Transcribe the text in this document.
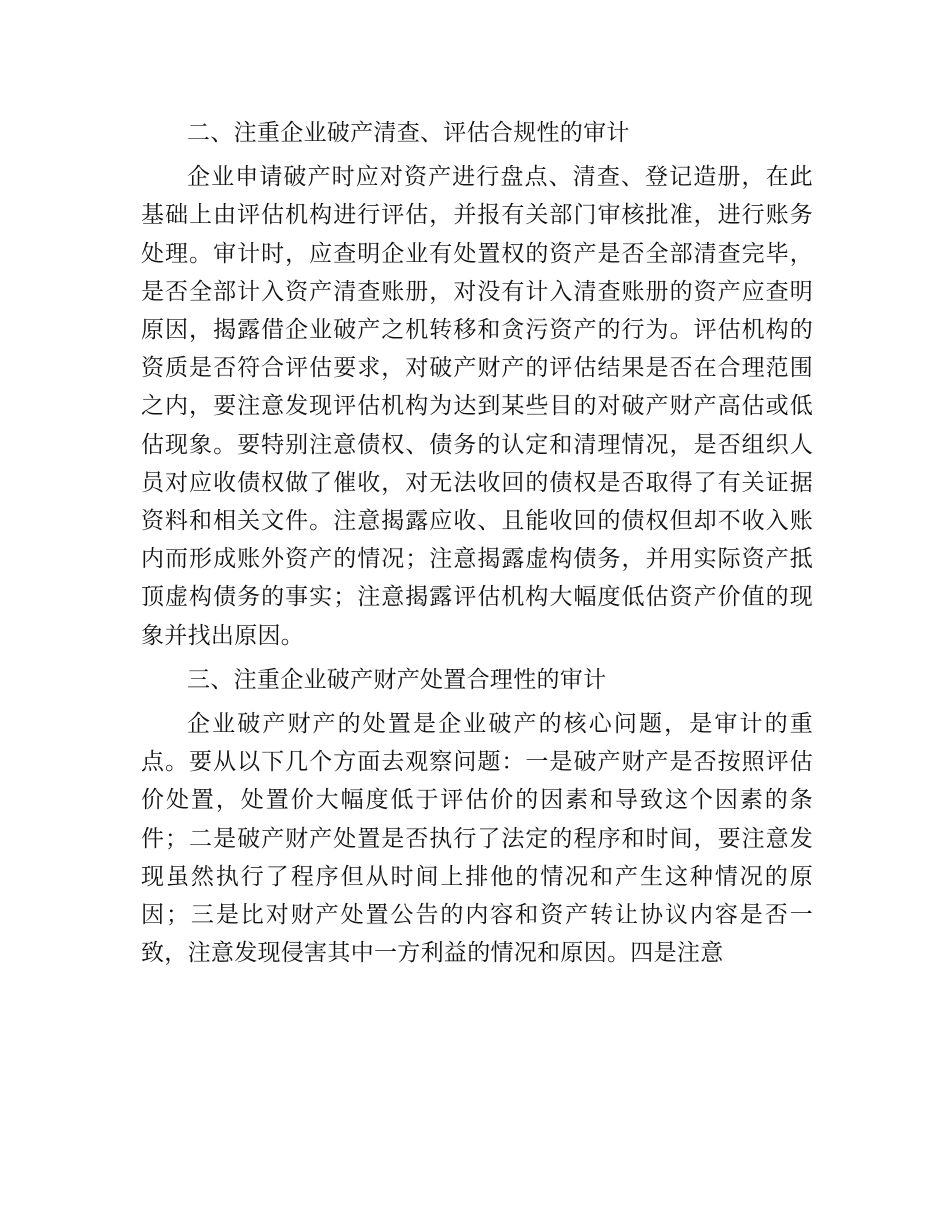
二、注重企业破产清查、评估合规性的审计

企业申请破产时应对资产进行盘点、清查、登记造册，在此基础上由评估机构进行评估，并报有关部门审核批准，进行账务处理。审计时，应查明企业有处置权的资产是否全部清查完毕，是否全部计入资产清查账册，对没有计入清查账册的资产应查明原因，揭露借企业破产之机转移和贪污资产的行为。评估机构的资质是否符合评估要求，对破产财产的评估结果是否在合理范围之内，要注意发现评估机构为达到某些目的对破产财产高估或低估现象。要特别注意债权、债务的认定和清理情况，是否组织人员对应收债权做了催收，对无法收回的债权是否取得了有关证据资料和相关文件。注意揭露应收、且能收回的债权但却不收入账内而形成账外资产的情况；注意揭露虚构债务，并用实际资产抵顶虚构债务的事实；注意揭露评估机构大幅度低估资产价值的现象并找出原因。

三、注重企业破产财产处置合理性的审计

企业破产财产的处置是企业破产的核心问题，是审计的重点。要从以下几个方面去观察问题：一是破产财产是否按照评估价处置，处置价大幅度低于评估价的因素和导致这个因素的条件；二是破产财产处置是否执行了法定的程序和时间，要注意发现虽然执行了程序但从时间上排他的情况和产生这种情况的原因；三是比对财产处置公告的内容和资产转让协议内容是否一致，注意发现侵害其中一方利益的情况和原因。四是注意
